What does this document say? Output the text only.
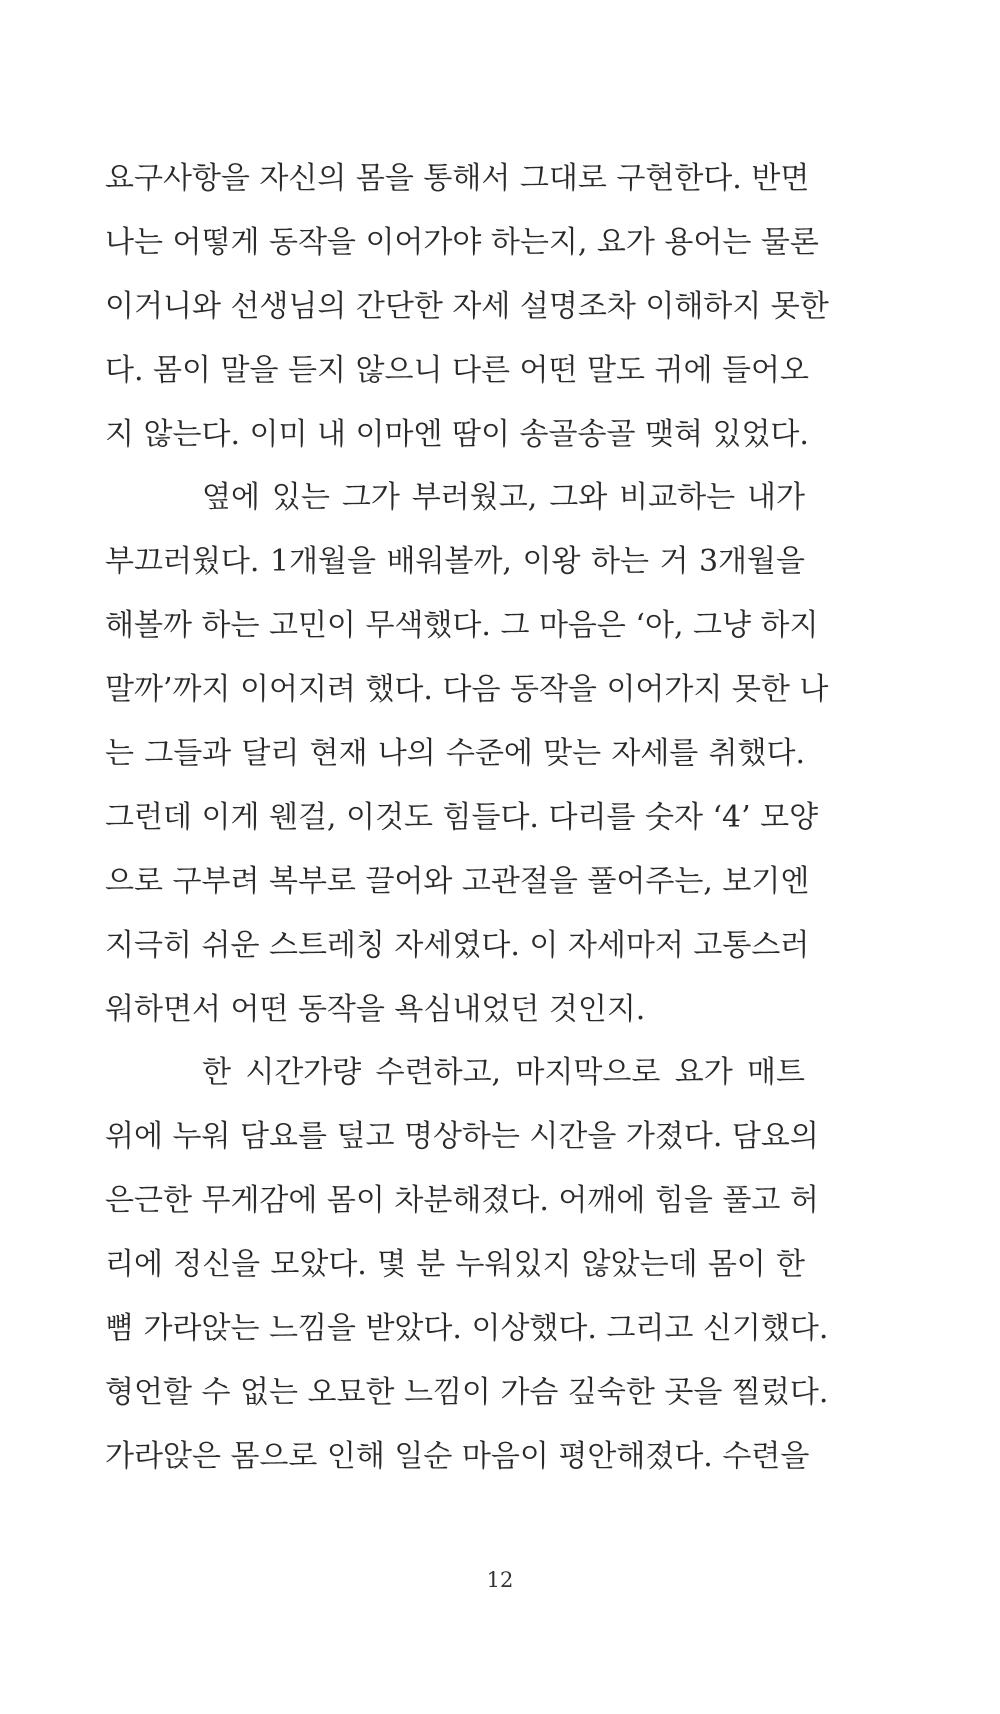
요구사항을 자신의 몸을 통해서 그대로 구현한다. 반면
나는 어떻게 동작을 이어가야 하는지, 요가 용어는 물론
이거니와 선생님의 간단한 자세 설명조차 이해하지 못한
다. 몸이 말을 듣지 않으니 다른 어떤 말도 귀에 들어오
지 않는다. 이미 내 이마엔 땀이 송골송골 맺혀 있었다.
옆에 있는 그가 부러웠고, 그와 비교하는 내가
부끄러웠다. 1개월을 배워볼까, 이왕 하는 거 3개월을
해볼까 하는 고민이 무색했다. 그 마음은 ‘아, 그냥 하지
말까’까지 이어지려 했다. 다음 동작을 이어가지 못한 나
는 그들과 달리 현재 나의 수준에 맞는 자세를 취했다.
그런데 이게 웬걸, 이것도 힘들다. 다리를 숫자 ‘4’ 모양
으로 구부려 복부로 끌어와 고관절을 풀어주는, 보기엔
지극히 쉬운 스트레칭 자세였다. 이 자세마저 고통스러
워하면서 어떤 동작을 욕심내었던 것인지.
한 시간가량 수련하고, 마지막으로 요가 매트
위에 누워 담요를 덮고 명상하는 시간을 가졌다. 담요의
은근한 무게감에 몸이 차분해졌다. 어깨에 힘을 풀고 허
리에 정신을 모았다. 몇 분 누워있지 않았는데 몸이 한
뼘 가라앉는 느낌을 받았다. 이상했다. 그리고 신기했다.
형언할 수 없는 오묘한 느낌이 가슴 깊숙한 곳을 찔렀다.
가라앉은 몸으로 인해 일순 마음이 평안해졌다. 수련을
12
